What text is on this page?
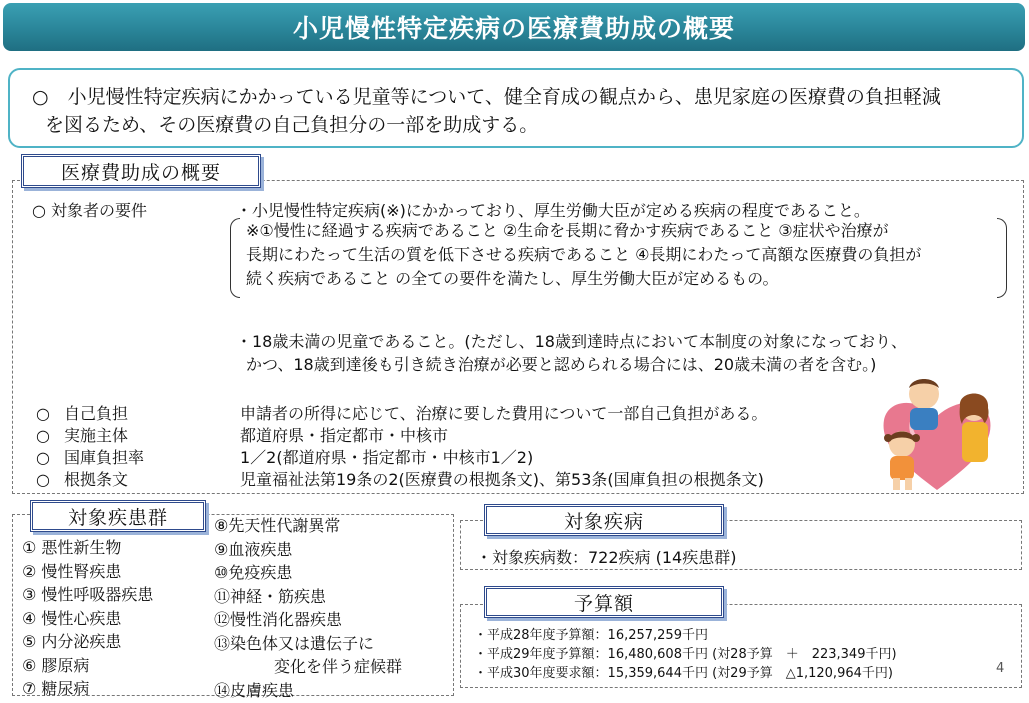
小児慢性特定疾病の医療費助成の概要
○　小児慢性特定疾病にかかっている児童等について、健全育成の観点から、患児家庭の医療費の負担軽減
を図るため、その医療費の自己負担分の一部を助成する。
医療費助成の概要
○ 対象者の要件	・小児慢性特定疾病(※)にかかっており、厚生労働大臣が定める疾病の程度であること。
※①慢性に経過する疾病であること ②生命を長期に脅かす疾病であること ③症状や治療が
長期にわたって生活の質を低下させる疾病であること ④長期にわたって高額な医療費の負担が
続く疾病であること の全ての要件を満たし、厚生労働大臣が定めるもの。
・18歳未満の児童であること。(ただし、18歳到達時点において本制度の対象になっており、
かつ、18歳到達後も引き続き治療が必要と認められる場合には、20歳未満の者を含む。)
○ 自己負担	申請者の所得に応じて、治療に要した費用について一部自己負担がある。
○ 実施主体	都道府県・指定都市・中核市
○ 国庫負担率	1／2(都道府県・指定都市・中核市1／2)
○ 根拠条文	児童福祉法第19条の2(医療費の根拠条文)、第53条(国庫負担の根拠条文)
対象疾患群
① 悪性新生物
② 慢性腎疾患
③ 慢性呼吸器疾患
④ 慢性心疾患
⑤ 内分泌疾患
⑥ 膠原病
⑦ 糖尿病
⑧先天性代謝異常
⑨血液疾患
⑩免疫疾患
⑪神経・筋疾患
⑫慢性消化器疾患
⑬染色体又は遺伝子に
変化を伴う症候群
⑭皮膚疾患
対象疾病
・対象疾病数：722疾病 (14疾患群)
予算額
・平成28年度予算額：16,257,259千円
・平成29年度予算額：16,480,608千円 (対28予算　＋　223,349千円)
・平成30年度要求額：15,359,644千円 (対29予算　△1,120,964千円)	4
